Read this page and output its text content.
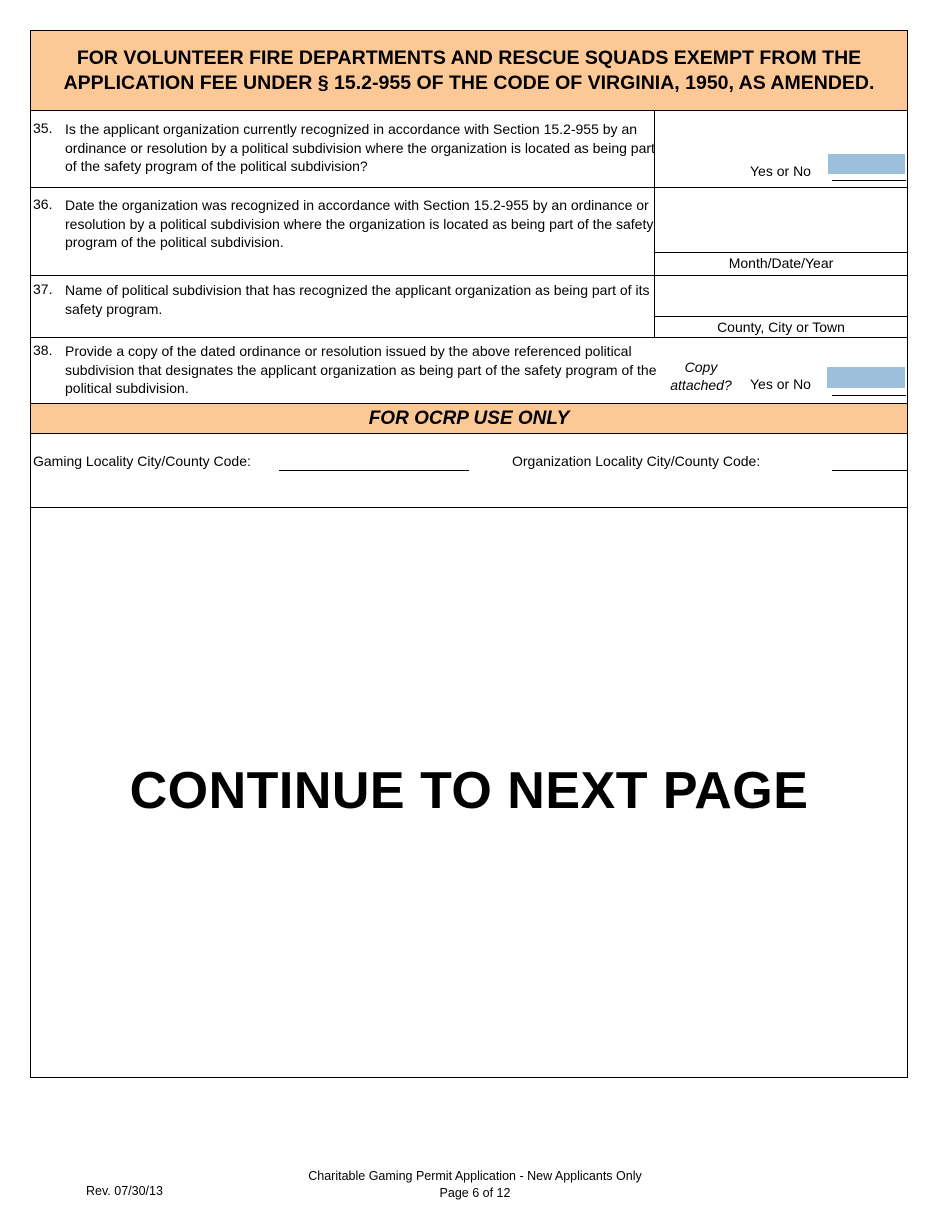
FOR VOLUNTEER FIRE DEPARTMENTS AND RESCUE SQUADS EXEMPT FROM THE
APPLICATION FEE UNDER § 15.2-955 OF THE CODE OF VIRGINIA, 1950, AS AMENDED.
35. Is the applicant organization currently recognized in accordance with Section 15.2-955 by an ordinance or resolution by a political subdivision where the organization is located as being part of the safety program of the political subdivision?	Yes or No
36. Date the organization was recognized in accordance with Section 15.2-955 by an ordinance or resolution by a political subdivision where the organization is located as being part of the safety program of the political subdivision.
Month/Date/Year
37. Name of political subdivision that has recognized the applicant organization as being part of its safety program.
County, City or Town
38. Provide a copy of the dated ordinance or resolution issued by the above referenced political subdivision that designates the applicant organization as being part of the safety program of the political subdivision.
Copy attached? Yes or No
FOR OCRP USE ONLY
Gaming Locality City/County Code:	Organization Locality City/County Code:
CONTINUE TO NEXT PAGE
Rev. 07/30/13
Charitable Gaming Permit Application - New Applicants Only
Page 6 of 12
